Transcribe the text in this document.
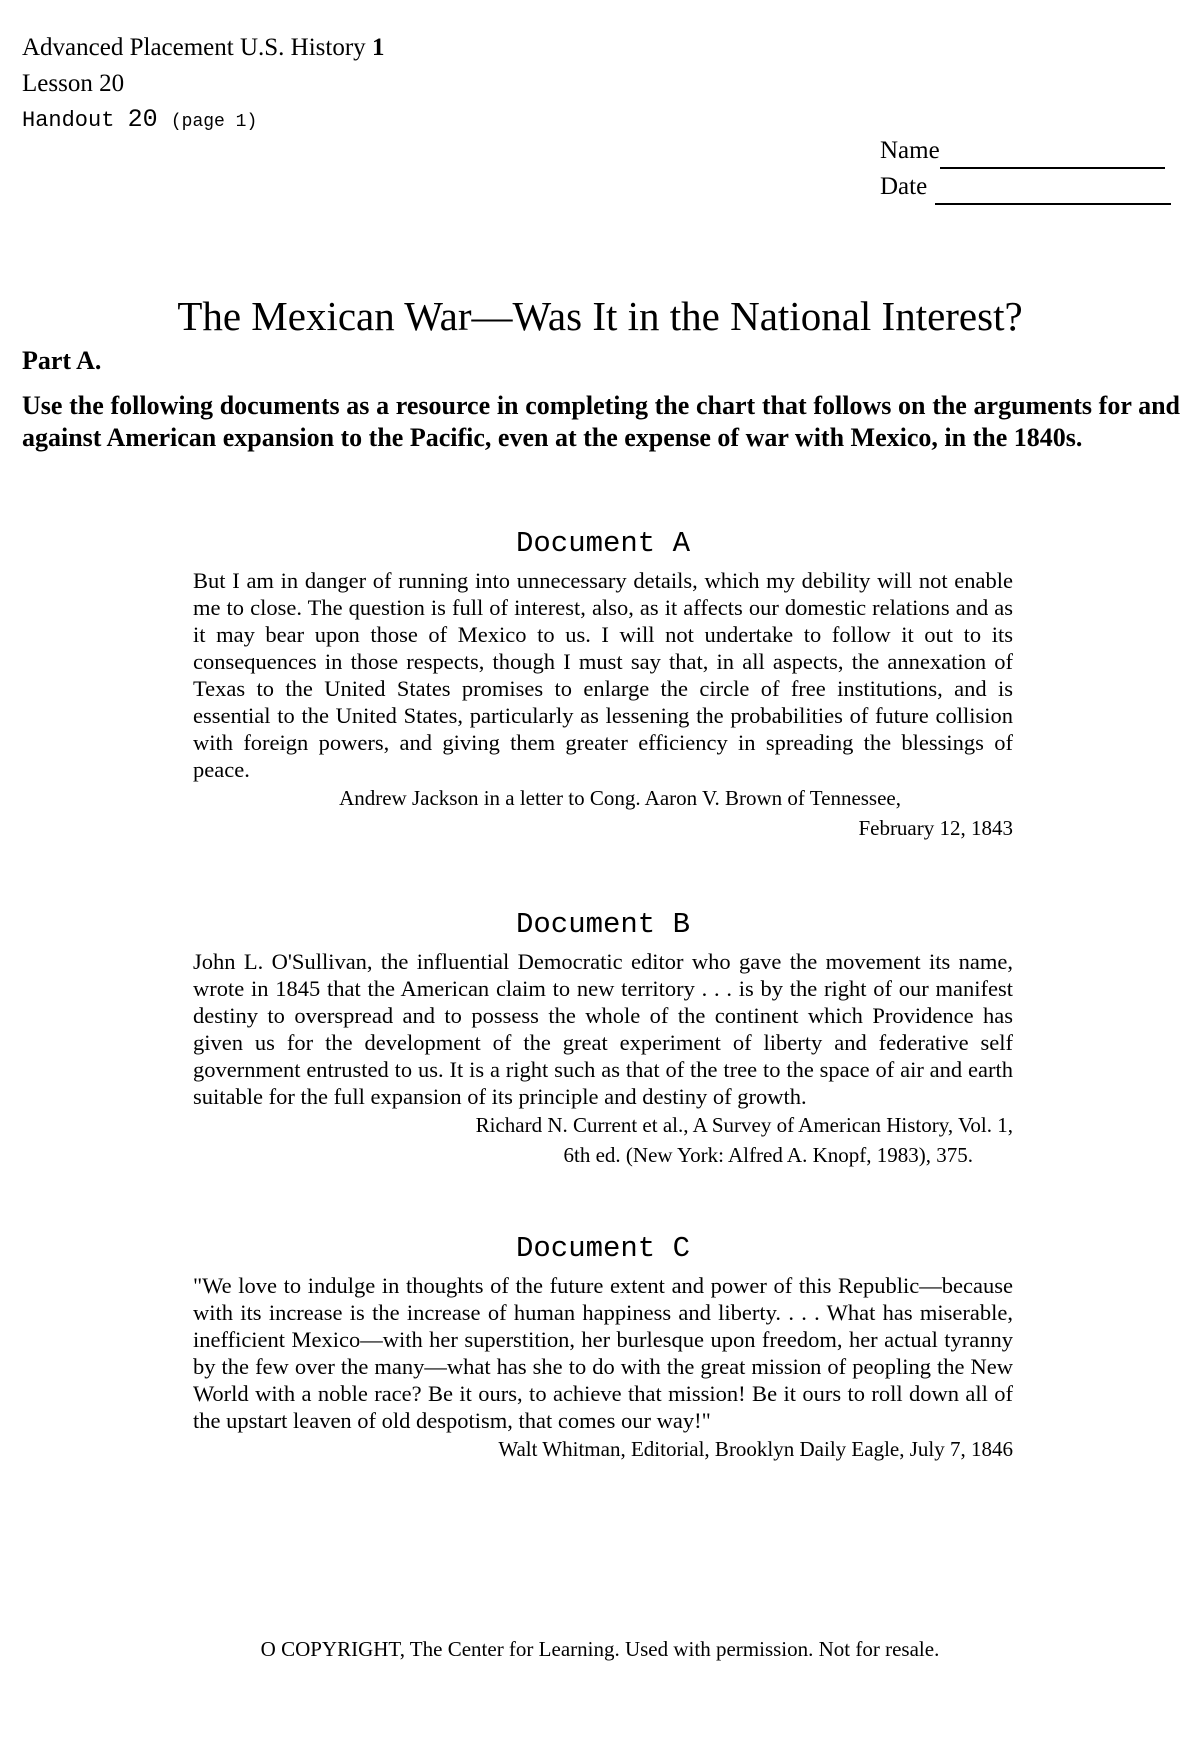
Advanced Placement U.S. History 1
Lesson 20
Handout 20 (page 1)
Name
Date
The Mexican War—Was It in the National Interest?
Part A.
Use the following documents as a resource in completing the chart that follows on the arguments for and against American expansion to the Pacific, even at the expense of war with Mexico, in the 1840s.
Document A

But I am in danger of running into unnecessary details, which my debility will not enable me to close. The question is full of interest, also, as it affects our domestic relations and as it may bear upon those of Mexico to us. I will not undertake to follow it out to its consequences in those respects, though I must say that, in all aspects, the annexation of Texas to the United States promises to enlarge the circle of free institutions, and is essential to the United States, particularly as lessening the probabilities of future collision with foreign powers, and giving them greater efficiency in spreading the blessings of peace.

Andrew Jackson in a letter to Cong. Aaron V. Brown of Tennessee,
February 12, 1843
Document B

John L. O'Sullivan, the influential Democratic editor who gave the movement its name, wrote in 1845 that the American claim to new territory . . . is by the right of our manifest destiny to overspread and to possess the whole of the continent which Providence has given us for the development of the great experiment of liberty and federative self government entrusted to us. It is a right such as that of the tree to the space of air and earth suitable for the full expansion of its principle and destiny of growth.

Richard N. Current et al., A Survey of American History, Vol. 1,
6th ed. (New York: Alfred A. Knopf, 1983), 375.
Document C

"We love to indulge in thoughts of the future extent and power of this Republic—because with its increase is the increase of human happiness and liberty. . . . What has miserable, inefficient Mexico—with her superstition, her burlesque upon freedom, her actual tyranny by the few over the many—what has she to do with the great mission of peopling the New World with a noble race? Be it ours, to achieve that mission! Be it ours to roll down all of the upstart leaven of old despotism, that comes our way!"

Walt Whitman, Editorial, Brooklyn Daily Eagle, July 7, 1846
O COPYRIGHT, The Center for Learning. Used with permission. Not for resale.
